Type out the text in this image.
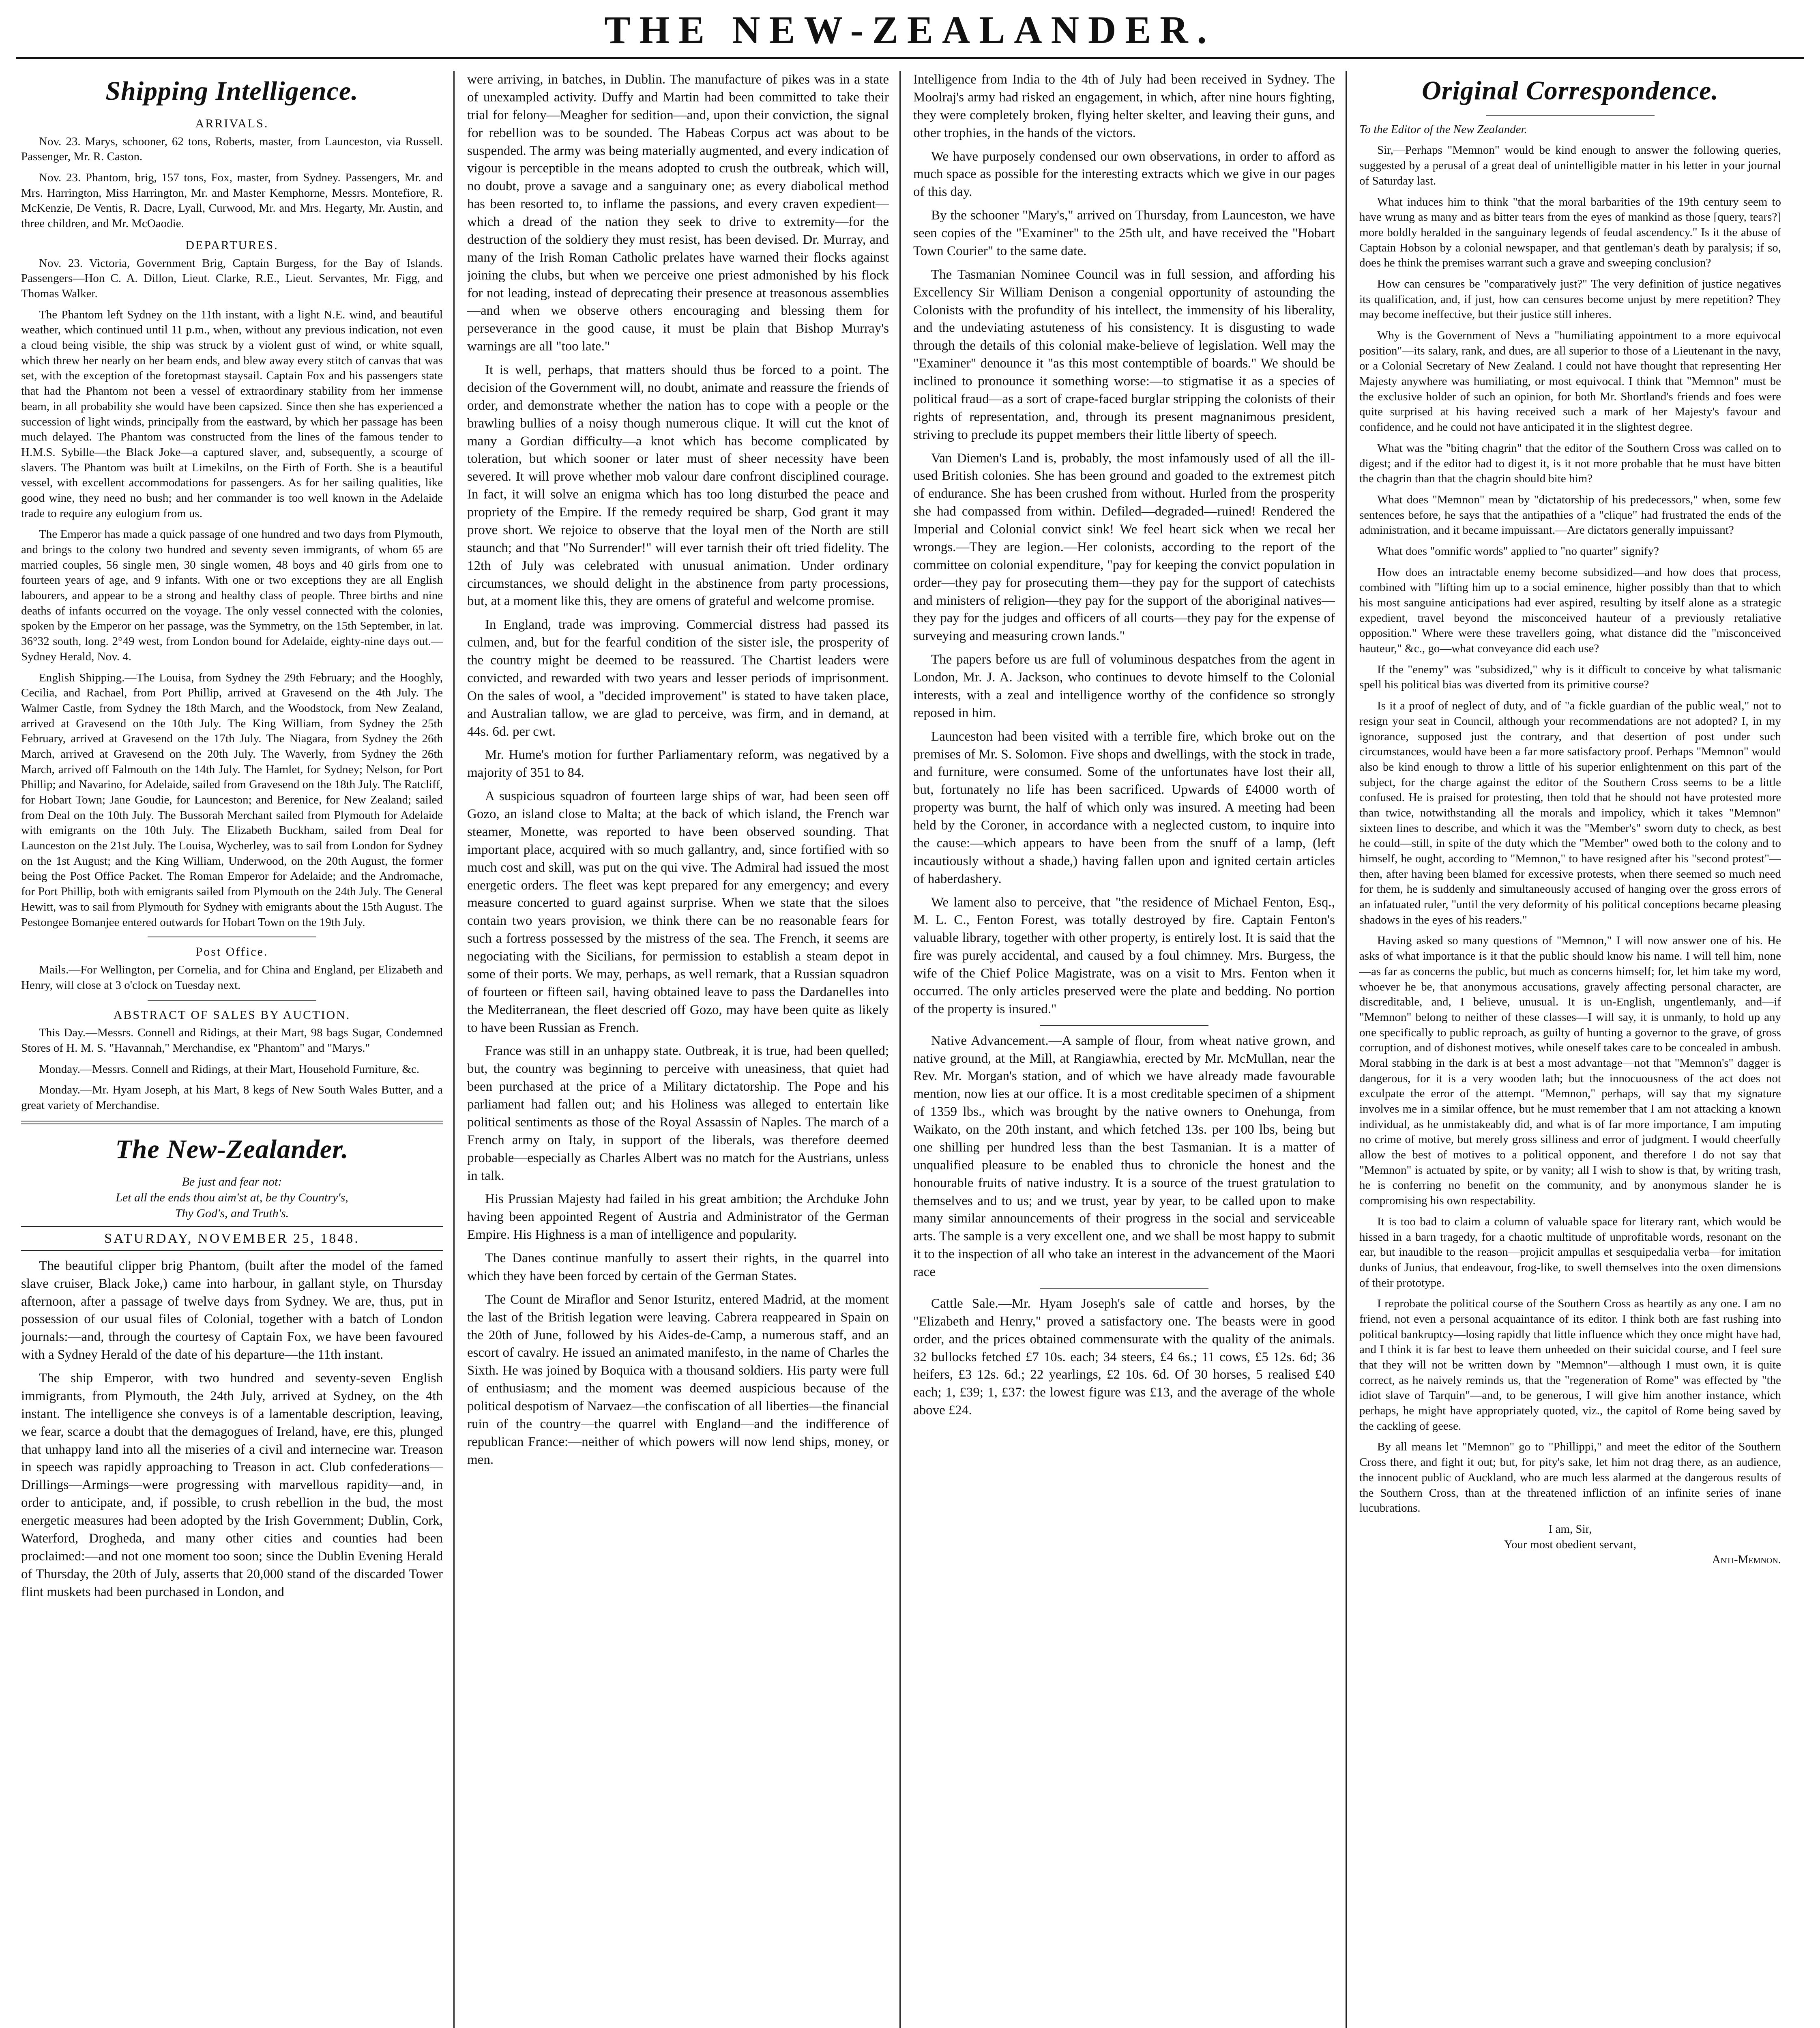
THE NEW-ZEALANDER.
Shipping Intelligence.
ARRIVALS.

Nov. 23. Marys, schooner, 62 tons, Roberts, master, from Launceston, via Russell. Passenger, Mr. R. Caston.

Nov. 23. Phantom, brig, 157 tons, Fox, master, from Sydney. Passengers, Mr. and Mrs. Harrington, Miss Harrington, Mr. and Master Kemphorne, Messrs. Montefiore, R. McKenzie, De Ventis, R. Dacre, Lyall, Curwood, Mr. and Mrs. Hegarty, Mr. Austin, and three children, and Mr. McOaodie.

DEPARTURES.

Nov. 23. Victoria, Government Brig, Captain Burgess, for the Bay of Islands. Passengers—Hon C. A. Dillon, Lieut. Clarke, R.E., Lieut. Servantes, Mr. Figg, and Thomas Walker.

The Phantom left Sydney on the 11th instant, with a light N.E. wind, and beautiful weather, which continued until 11 p.m., when, without any previous indication, not even a cloud being visible, the ship was struck by a violent gust of wind, or white squall, which threw her nearly on her beam ends, and blew away every stitch of canvas that was set, with the exception of the foretopmast staysail. Captain Fox and his passengers state that had the Phantom not been a vessel of extraordinary stability from her immense beam, in all probability she would have been capsized. Since then she has experienced a succession of light winds, principally from the eastward, by which her passage has been much delayed. The Phantom was constructed from the lines of the famous tender to H.M.S. Sybille—the Black Joke—a captured slaver, and, subsequently, a scourge of slavers. The Phantom was built at Limekilns, on the Firth of Forth. She is a beautiful vessel, with excellent accommodations for passengers. As for her sailing qualities, like good wine, they need no bush; and her commander is too well known in the Adelaide trade to require any eulogium from us.

The Emperor has made a quick passage of one hundred and two days from Plymouth, and brings to the colony two hundred and seventy seven immigrants, of whom 65 are married couples, 56 single men, 30 single women, 48 boys and 40 girls from one to fourteen years of age, and 9 infants. With one or two exceptions they are all English labourers, and appear to be a strong and healthy class of people. Three births and nine deaths of infants occurred on the voyage. The only vessel connected with the colonies, spoken by the Emperor on her passage, was the Symmetry, on the 15th September, in lat. 36°32 south, long. 2°49 west, from London bound for Adelaide, eighty-nine days out.—Sydney Herald, Nov. 4.

English Shipping.—The Louisa, from Sydney the 29th February; and the Hooghly, Cecilia, and Rachael, from Port Phillip, arrived at Gravesend on the 4th July. The Walmer Castle, from Sydney the 18th March, and the Woodstock, from New Zealand, arrived at Gravesend on the 10th July. The King William, from Sydney the 25th February, arrived at Gravesend on the 17th July. The Niagara, from Sydney the 26th March, arrived at Gravesend on the 20th July. The Waverly, from Sydney the 26th March, arrived off Falmouth on the 14th July. The Hamlet, for Sydney; Nelson, for Port Phillip; and Navarino, for Adelaide, sailed from Gravesend on the 18th July. The Ratcliff, for Hobart Town; Jane Goudie, for Launceston; and Berenice, for New Zealand; sailed from Deal on the 10th July. The Bussorah Merchant sailed from Plymouth for Adelaide with emigrants on the 10th July. The Elizabeth Buckham, sailed from Deal for Launceston on the 21st July. The Louisa, Wycherley, was to sail from London for Sydney on the 1st August; and the King William, Underwood, on the 20th August, the former being the Post Office Packet. The Roman Emperor for Adelaide; and the Andromache, for Port Phillip, both with emigrants sailed from Plymouth on the 24th July. The General Hewitt, was to sail from Plymouth for Sydney with emigrants about the 15th August. The Pestongee Bomanjee entered outwards for Hobart Town on the 19th July.

Post Office.

Mails.—For Wellington, per Cornelia, and for China and England, per Elizabeth and Henry, will close at 3 o'clock on Tuesday next.

ABSTRACT OF SALES BY AUCTION.

This Day.—Messrs. Connell and Ridings, at their Mart, 98 bags Sugar, Condemned Stores of H. M. S. "Havannah," Merchandise, ex "Phantom" and "Marys."

Monday.—Messrs. Connell and Ridings, at their Mart, Household Furniture, &c.

Monday.—Mr. Hyam Joseph, at his Mart, 8 kegs of New South Wales Butter, and a great variety of Merchandise.

The New-Zealander.
Be just and fear not:
Let all the ends thou aim'st at, be thy Country's,
Thy God's, and Truth's.
SATURDAY, NOVEMBER 25, 1848.

The beautiful clipper brig Phantom, (built after the model of the famed slave cruiser, Black Joke,) came into harbour, in gallant style, on Thursday afternoon, after a passage of twelve days from Sydney. We are, thus, put in possession of our usual files of Colonial, together with a batch of London journals:—and, through the courtesy of Captain Fox, we have been favoured with a Sydney Herald of the date of his departure—the 11th instant.

The ship Emperor, with two hundred and seventy-seven English immigrants, from Plymouth, the 24th July, arrived at Sydney, on the 4th instant. The intelligence she conveys is of a lamentable description, leaving, we fear, scarce a doubt that the demagogues of Ireland, have, ere this, plunged that unhappy land into all the miseries of a civil and internecine war. Treason in speech was rapidly approaching to Treason in act. Club confederations—Drillings—Armings—were progressing with marvellous rapidity—and, in order to anticipate, and, if possible, to crush rebellion in the bud, the most energetic measures had been adopted by the Irish Government; Dublin, Cork, Waterford, Drogheda, and many other cities and counties had been proclaimed:—and not one moment too soon; since the Dublin Evening Herald of Thursday, the 20th of July, asserts that 20,000 stand of the discarded Tower flint muskets had been purchased in London, and

were arriving, in batches, in Dublin. The manufacture of pikes was in a state of unexampled activity. Duffy and Martin had been committed to take their trial for felony—Meagher for sedition—and, upon their conviction, the signal for rebellion was to be sounded. The Habeas Corpus act was about to be suspended. The army was being materially augmented, and every indication of vigour is perceptible in the means adopted to crush the outbreak, which will, no doubt, prove a savage and a sanguinary one; as every diabolical method has been resorted to, to inflame the passions, and every craven expedient—which a dread of the nation they seek to drive to extremity—for the destruction of the soldiery they must resist, has been devised. Dr. Murray, and many of the Irish Roman Catholic prelates have warned their flocks against joining the clubs, but when we perceive one priest admonished by his flock for not leading, instead of deprecating their presence at treasonous assemblies—and when we observe others encouraging and blessing them for perseverance in the good cause, it must be plain that Bishop Murray's warnings are all "too late."

It is well, perhaps, that matters should thus be forced to a point. The decision of the Government will, no doubt, animate and reassure the friends of order, and demonstrate whether the nation has to cope with a people or the brawling bullies of a noisy though numerous clique. It will cut the knot of many a Gordian difficulty—a knot which has become complicated by toleration, but which sooner or later must of sheer necessity have been severed. It will prove whether mob valour dare confront disciplined courage. In fact, it will solve an enigma which has too long disturbed the peace and propriety of the Empire. If the remedy required be sharp, God grant it may prove short. We rejoice to observe that the loyal men of the North are still staunch; and that "No Surrender!" will ever tarnish their oft tried fidelity. The 12th of July was celebrated with unusual animation. Under ordinary circumstances, we should delight in the abstinence from party processions, but, at a moment like this, they are omens of grateful and welcome promise.

In England, trade was improving. Commercial distress had passed its culmen, and, but for the fearful condition of the sister isle, the prosperity of the country might be deemed to be reassured. The Chartist leaders were convicted, and rewarded with two years and lesser periods of imprisonment. On the sales of wool, a "decided improvement" is stated to have taken place, and Australian tallow, we are glad to perceive, was firm, and in demand, at 44s. 6d. per cwt.

Mr. Hume's motion for further Parliamentary reform, was negatived by a majority of 351 to 84.

A suspicious squadron of fourteen large ships of war, had been seen off Gozo, an island close to Malta; at the back of which island, the French war steamer, Monette, was reported to have been observed sounding. That important place, acquired with so much gallantry, and, since fortified with so much cost and skill, was put on the qui vive. The Admiral had issued the most energetic orders. The fleet was kept prepared for any emergency; and every measure concerted to guard against surprise. When we state that the siloes contain two years provision, we think there can be no reasonable fears for such a fortress possessed by the mistress of the sea. The French, it seems are negociating with the Sicilians, for permission to establish a steam depot in some of their ports. We may, perhaps, as well remark, that a Russian squadron of fourteen or fifteen sail, having obtained leave to pass the Dardanelles into the Mediterranean, the fleet descried off Gozo, may have been quite as likely to have been Russian as French.

France was still in an unhappy state. Outbreak, it is true, had been quelled; but, the country was beginning to perceive with uneasiness, that quiet had been purchased at the price of a Military dictatorship. The Pope and his parliament had fallen out; and his Holiness was alleged to entertain like political sentiments as those of the Royal Assassin of Naples. The march of a French army on Italy, in support of the liberals, was therefore deemed probable—especially as Charles Albert was no match for the Austrians, unless in talk.

His Prussian Majesty had failed in his great ambition; the Archduke John having been appointed Regent of Austria and Administrator of the German Empire. His Highness is a man of intelligence and popularity.

The Danes continue manfully to assert their rights, in the quarrel into which they have been forced by certain of the German States.

The Count de Miraflor and Senor Isturitz, entered Madrid, at the moment the last of the British legation were leaving. Cabrera reappeared in Spain on the 20th of June, followed by his Aides-de-Camp, a numerous staff, and an escort of cavalry. He issued an animated manifesto, in the name of Charles the Sixth. He was joined by Boquica with a thousand soldiers. His party were full of enthusiasm; and the moment was deemed auspicious because of the political despotism of Narvaez—the confiscation of all liberties—the financial ruin of the country—the quarrel with England—and the indifference of republican France:—neither of which powers will now lend ships, money, or men.

Intelligence from India to the 4th of July had been received in Sydney. The Moolraj's army had risked an engagement, in which, after nine hours fighting, they were completely broken, flying helter skelter, and leaving their guns, and other trophies, in the hands of the victors.

We have purposely condensed our own observations, in order to afford as much space as possible for the interesting extracts which we give in our pages of this day.

By the schooner "Mary's," arrived on Thursday, from Launceston, we have seen copies of the "Examiner" to the 25th ult, and have received the "Hobart Town Courier" to the same date.

The Tasmanian Nominee Council was in full session, and affording his Excellency Sir William Denison a congenial opportunity of astounding the Colonists with the profundity of his intellect, the immensity of his liberality, and the undeviating astuteness of his consistency. It is disgusting to wade through the details of this colonial make-believe of legislation. Well may the "Examiner" denounce it "as this most contemptible of boards." We should be inclined to pronounce it something worse:—to stigmatise it as a species of political fraud—as a sort of crape-faced burglar stripping the colonists of their rights of representation, and, through its present magnanimous president, striving to preclude its puppet members their little liberty of speech.

Van Diemen's Land is, probably, the most infamously used of all the ill-used British colonies. She has been ground and goaded to the extremest pitch of endurance. She has been crushed from without. Hurled from the prosperity she had compassed from within. Defiled—degraded—ruined! Rendered the Imperial and Colonial convict sink! We feel heart sick when we recal her wrongs.—They are legion.—Her colonists, according to the report of the committee on colonial expenditure, "pay for keeping the convict population in order—they pay for prosecuting them—they pay for the support of catechists and ministers of religion—they pay for the support of the aboriginal natives—they pay for the judges and officers of all courts—they pay for the expense of surveying and measuring crown lands."

The papers before us are full of voluminous despatches from the agent in London, Mr. J. A. Jackson, who continues to devote himself to the Colonial interests, with a zeal and intelligence worthy of the confidence so strongly reposed in him.

Launceston had been visited with a terrible fire, which broke out on the premises of Mr. S. Solomon. Five shops and dwellings, with the stock in trade, and furniture, were consumed. Some of the unfortunates have lost their all, but, fortunately no life has been sacrificed. Upwards of £4000 worth of property was burnt, the half of which only was insured. A meeting had been held by the Coroner, in accordance with a neglected custom, to inquire into the cause:—which appears to have been from the snuff of a lamp, (left incautiously without a shade,) having fallen upon and ignited certain articles of haberdashery.

We lament also to perceive, that "the residence of Michael Fenton, Esq., M. L. C., Fenton Forest, was totally destroyed by fire. Captain Fenton's valuable library, together with other property, is entirely lost. It is said that the fire was purely accidental, and caused by a foul chimney. Mrs. Burgess, the wife of the Chief Police Magistrate, was on a visit to Mrs. Fenton when it occurred. The only articles preserved were the plate and bedding. No portion of the property is insured."

Native Advancement.—A sample of flour, from wheat native grown, and native ground, at the Mill, at Rangiawhia, erected by Mr. McMullan, near the Rev. Mr. Morgan's station, and of which we have already made favourable mention, now lies at our office. It is a most creditable specimen of a shipment of 1359 lbs., which was brought by the native owners to Onehunga, from Waikato, on the 20th instant, and which fetched 13s. per 100 lbs, being but one shilling per hundred less than the best Tasmanian. It is a matter of unqualified pleasure to be enabled thus to chronicle the honest and the honourable fruits of native industry. It is a source of the truest gratulation to themselves and to us; and we trust, year by year, to be called upon to make many similar announcements of their progress in the social and serviceable arts. The sample is a very excellent one, and we shall be most happy to submit it to the inspection of all who take an interest in the advancement of the Maori race

Cattle Sale.—Mr. Hyam Joseph's sale of cattle and horses, by the "Elizabeth and Henry," proved a satisfactory one. The beasts were in good order, and the prices obtained commensurate with the quality of the animals. 32 bullocks fetched £7 10s. each; 34 steers, £4 6s.; 11 cows, £5 12s. 6d; 36 heifers, £3 12s. 6d.; 22 yearlings, £2 10s. 6d. Of 30 horses, 5 realised £40 each; 1, £39; 1, £37: the lowest figure was £13, and the average of the whole above £24.

Original Correspondence.

To the Editor of the New Zealander.

Sir,—Perhaps "Memnon" would be kind enough to answer the following queries, suggested by a perusal of a great deal of unintelligible matter in his letter in your journal of Saturday last.

What induces him to think "that the moral barbarities of the 19th century seem to have wrung as many and as bitter tears from the eyes of mankind as those [query, tears?] more boldly heralded in the sanguinary legends of feudal ascendency." Is it the abuse of Captain Hobson by a colonial newspaper, and that gentleman's death by paralysis; if so, does he think the premises warrant such a grave and sweeping conclusion?

How can censures be "comparatively just?" The very definition of justice negatives its qualification, and, if just, how can censures become unjust by mere repetition? They may become ineffective, but their justice still inheres.

Why is the Government of Nevs a "humiliating appointment to a more equivocal position"—its salary, rank, and dues, are all superior to those of a Lieutenant in the navy, or a Colonial Secretary of New Zealand. I could not have thought that representing Her Majesty anywhere was humiliating, or most equivocal. I think that "Memnon" must be the exclusive holder of such an opinion, for both Mr. Shortland's friends and foes were quite surprised at his having received such a mark of her Majesty's favour and confidence, and he could not have anticipated it in the slightest degree.

What was the "biting chagrin" that the editor of the Southern Cross was called on to digest; and if the editor had to digest it, is it not more probable that he must have bitten the chagrin than that the chagrin should bite him?

What does "Memnon" mean by "dictatorship of his predecessors," when, some few sentences before, he says that the antipathies of a "clique" had frustrated the ends of the administration, and it became impuissant.—Are dictators generally impuissant?

What does "omnific words" applied to "no quarter" signify?

How does an intractable enemy become subsidized—and how does that process, combined with "lifting him up to a social eminence, higher possibly than that to which his most sanguine anticipations had ever aspired, resulting by itself alone as a strategic expedient, travel beyond the misconceived hauteur of a previously retaliative opposition." Where were these travellers going, what distance did the "misconceived hauteur," &c., go—what conveyance did each use?

If the "enemy" was "subsidized," why is it difficult to conceive by what talismanic spell his political bias was diverted from its primitive course?

Is it a proof of neglect of duty, and of "a fickle guardian of the public weal," not to resign your seat in Council, although your recommendations are not adopted? I, in my ignorance, supposed just the contrary, and that desertion of post under such circumstances, would have been a far more satisfactory proof. Perhaps "Memnon" would also be kind enough to throw a little of his superior enlightenment on this part of the subject, for the charge against the editor of the Southern Cross seems to be a little confused. He is praised for protesting, then told that he should not have protested more than twice, notwithstanding all the morals and impolicy, which it takes "Memnon" sixteen lines to describe, and which it was the "Member's" sworn duty to check, as best he could—still, in spite of the duty which the "Member" owed both to the colony and to himself, he ought, according to "Memnon," to have resigned after his "second protest"—then, after having been blamed for excessive protests, when there seemed so much need for them, he is suddenly and simultaneously accused of hanging over the gross errors of an infatuated ruler, "until the very deformity of his political conceptions became pleasing shadows in the eyes of his readers."

Having asked so many questions of "Memnon," I will now answer one of his. He asks of what importance is it that the public should know his name. I will tell him, none—as far as concerns the public, but much as concerns himself; for, let him take my word, whoever he be, that anonymous accusations, gravely affecting personal character, are discreditable, and, I believe, unusual. It is un-English, ungentlemanly, and—if "Memnon" belong to neither of these classes—I will say, it is unmanly, to hold up any one specifically to public reproach, as guilty of hunting a governor to the grave, of gross corruption, and of dishonest motives, while oneself takes care to be concealed in ambush. Moral stabbing in the dark is at best a most advantage—not that "Memnon's" dagger is dangerous, for it is a very wooden lath; but the innocuousness of the act does not exculpate the error of the attempt. "Memnon," perhaps, will say that my signature involves me in a similar offence, but he must remember that I am not attacking a known individual, as he unmistakeably did, and what is of far more importance, I am imputing no crime of motive, but merely gross silliness and error of judgment. I would cheerfully allow the best of motives to a political opponent, and therefore I do not say that "Memnon" is actuated by spite, or by vanity; all I wish to show is that, by writing trash, he is conferring no benefit on the community, and by anonymous slander he is compromising his own respectability.

It is too bad to claim a column of valuable space for literary rant, which would be hissed in a barn tragedy, for a chaotic multitude of unprofitable words, resonant on the ear, but inaudible to the reason—projicit ampullas et sesquipedalia verba—for imitation dunks of Junius, that endeavour, frog-like, to swell themselves into the oxen dimensions of their prototype.

I reprobate the political course of the Southern Cross as heartily as any one. I am no friend, not even a personal acquaintance of its editor. I think both are fast rushing into political bankruptcy—losing rapidly that little influence which they once might have had, and I think it is far best to leave them unheeded on their suicidal course, and I feel sure that they will not be written down by "Memnon"—although I must own, it is quite correct, as he naively reminds us, that the "regeneration of Rome" was effected by "the idiot slave of Tarquin"—and, to be generous, I will give him another instance, which perhaps, he might have appropriately quoted, viz., the capitol of Rome being saved by the cackling of geese.

By all means let "Memnon" go to "Phillippi," and meet the editor of the Southern Cross there, and fight it out; but, for pity's sake, let him not drag there, as an audience, the innocent public of Auckland, who are much less alarmed at the dangerous results of the Southern Cross, than at the threatened infliction of an infinite series of inane lucubrations.

I am, Sir,

Your most obedient servant,

Anti-Memnon.
